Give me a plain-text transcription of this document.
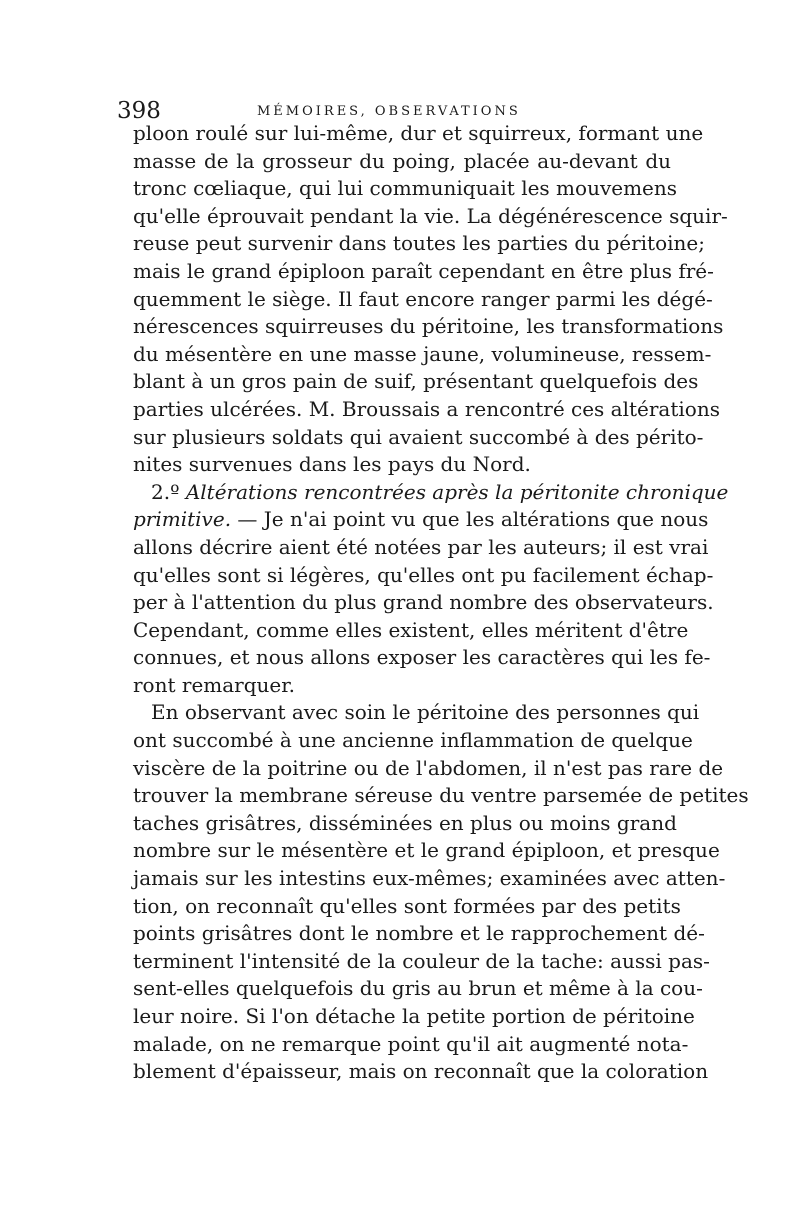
398	MÉMOIRES, OBSERVATIONS
ploon roulé sur lui-même, dur et squirreux, formant une
masse de la grosseur du poing, placée au-devant du
tronc cœliaque, qui lui communiquait les mouvemens
qu'elle éprouvait pendant la vie. La dégénérescence squir-
reuse peut survenir dans toutes les parties du péritoine;
mais le grand épiploon paraît cependant en être plus fré-
quemment le siège. Il faut encore ranger parmi les dégé-
nérescences squirreuses du péritoine, les transformations
du mésentère en une masse jaune, volumineuse, ressem-
blant à un gros pain de suif, présentant quelquefois des
parties ulcérées. M. Broussais a rencontré ces altérations
sur plusieurs soldats qui avaient succombé à des périto-
nites survenues dans les pays du Nord.
2.º Altérations rencontrées après la péritonite chronique
primitive. — Je n'ai point vu que les altérations que nous
allons décrire aient été notées par les auteurs; il est vrai
qu'elles sont si légères, qu'elles ont pu facilement échap-
per à l'attention du plus grand nombre des observateurs.
Cependant, comme elles existent, elles méritent d'être
connues, et nous allons exposer les caractères qui les fe-
ront remarquer.
En observant avec soin le péritoine des personnes qui
ont succombé à une ancienne inflammation de quelque
viscère de la poitrine ou de l'abdomen, il n'est pas rare de
trouver la membrane séreuse du ventre parsemée de petites
taches grisâtres, disséminées en plus ou moins grand
nombre sur le mésentère et le grand épiploon, et presque
jamais sur les intestins eux-mêmes; examinées avec atten-
tion, on reconnaît qu'elles sont formées par des petits
points grisâtres dont le nombre et le rapprochement dé-
terminent l'intensité de la couleur de la tache: aussi pas-
sent-elles quelquefois du gris au brun et même à la cou-
leur noire. Si l'on détache la petite portion de péritoine
malade, on ne remarque point qu'il ait augmenté nota-
blement d'épaisseur, mais on reconnaît que la coloration
